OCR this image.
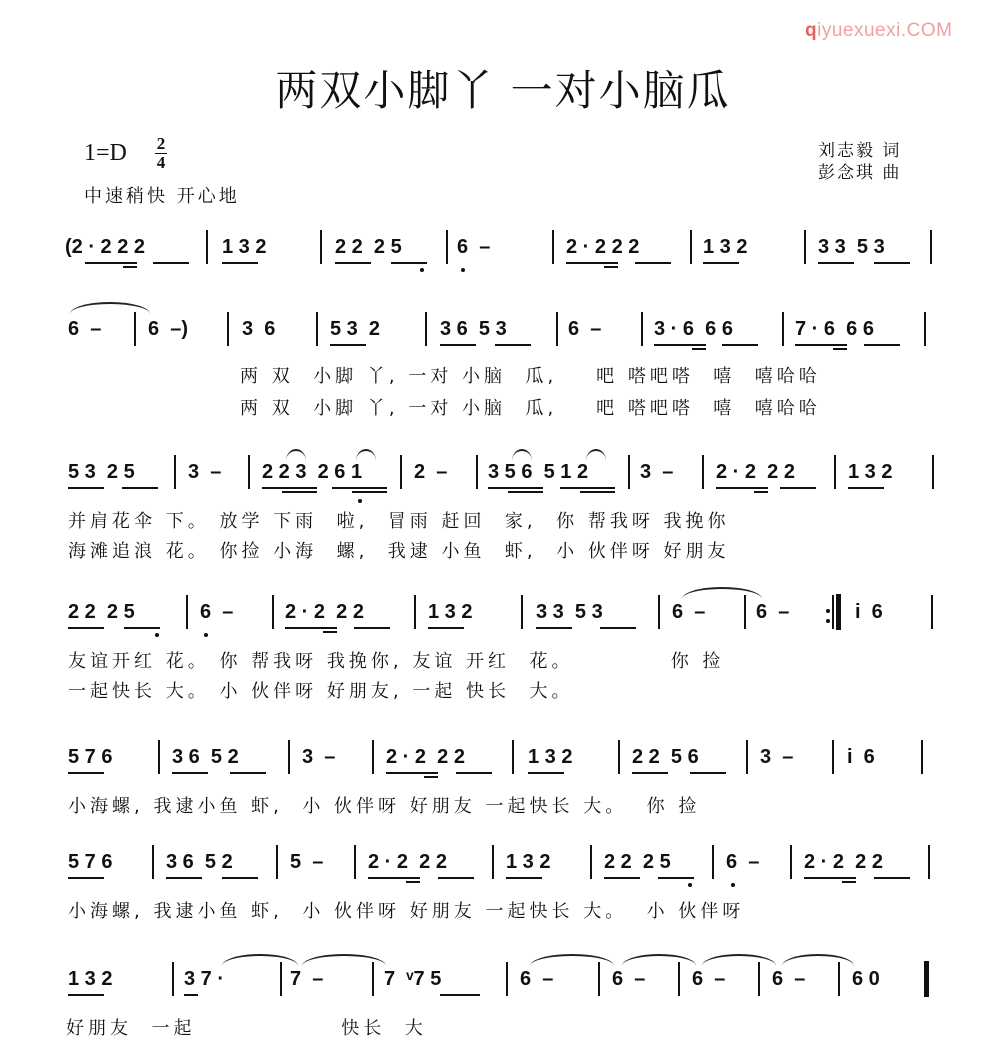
qiyuexuexi.COM
两双小脚丫 一对小脑瓜
1=D 2
4
中速稍快 开心地
刘志毅 词
彭念琪 曲
(2 · 2 2 2	1 3 2	2 2  2 5	6  –	2 · 2 2 2	1 3 2	3 3  5 3
6  – 6  –)	3  6	5 3  2	3 6  5 3	6  –	3 · 6  6 6	7 · 6  6 6
两 双  小脚 丫, 一对 小脑  瓜,    吧 嗒吧嗒  嘻  嘻哈哈
两 双  小脚 丫, 一对 小脑  瓜,    吧 嗒吧嗒  嘻  嘻哈哈
5 3  2 5	3  – 2 2 3  2 6 1	2  – 3 5 6  5 1 2	3  – 2 · 2  2 2	1 3 2
并肩花伞 下。 放学 下雨  啦,  冒雨 赶回  家,  你 帮我呀 我挽你
海滩追浪 花。 你捡 小海  螺,  我逮 小鱼  虾,  小 伙伴呀 好朋友
2 2  2 5	6  –	2 · 2  2 2	1 3 2	3 3  5 3	6  –	6  –	i  6
友谊开红 花。 你 帮我呀 我挽你, 友谊 开红  花。          你 捡
一起快长 大。 小 伙伴呀 好朋友, 一起 快长  大。
5 7 6	3 6  5 2	3  –	2 · 2  2 2	1 3 2	2 2  5 6	3  –	i  6
小海螺, 我逮小鱼 虾,  小 伙伴呀 好朋友 一起快长 大。  你 捡
5 7 6	3 6  5 2	5  – 2 · 2  2 2	1 3 2	2 2  2 5	6  – 2 · 2  2 2
小海螺, 我逮小鱼 虾,  小 伙伴呀 好朋友 一起快长 大。  小 伙伴呀
1 3 2	3 7 ·	7  –	7  ᵛ7 5	6  –	6  – 6  – 6  – 6 0
好朋友  一起               快长  大
